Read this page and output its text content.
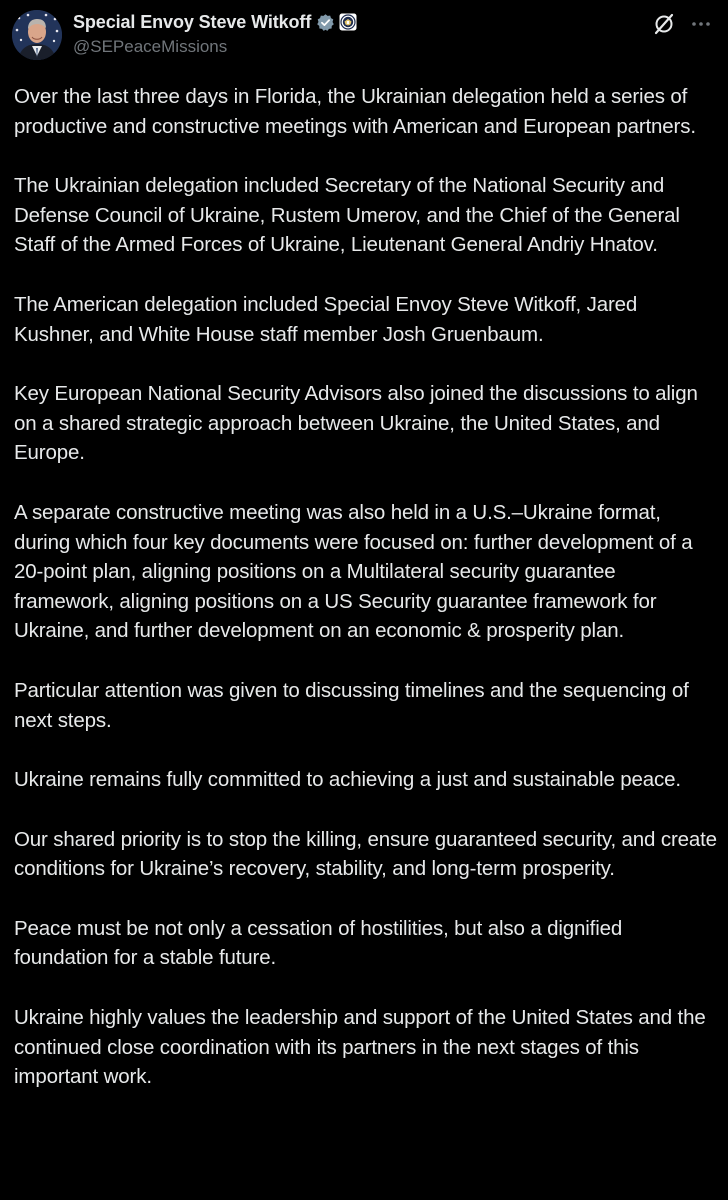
Special Envoy Steve Witkoff
@SEPeaceMissions

Over the last three days in Florida, the Ukrainian delegation held a series of productive and constructive meetings with American and European partners.

The Ukrainian delegation included Secretary of the National Security and Defense Council of Ukraine, Rustem Umerov, and the Chief of the General Staff of the Armed Forces of Ukraine, Lieutenant General Andriy Hnatov.

The American delegation included Special Envoy Steve Witkoff, Jared Kushner, and White House staff member Josh Gruenbaum.

Key European National Security Advisors also joined the discussions to align on a shared strategic approach between Ukraine, the United States, and Europe.

A separate constructive meeting was also held in a U.S.–Ukraine format, during which four key documents were focused on: further development of a 20-point plan, aligning positions on a Multilateral security guarantee framework, aligning positions on a US Security guarantee framework for Ukraine, and further development on an economic & prosperity plan.

Particular attention was given to discussing timelines and the sequencing of next steps.

Ukraine remains fully committed to achieving a just and sustainable peace.

Our shared priority is to stop the killing, ensure guaranteed security, and create conditions for Ukraine’s recovery, stability, and long-term prosperity.

Peace must be not only a cessation of hostilities, but also a dignified foundation for a stable future.

Ukraine highly values the leadership and support of the United States and the continued close coordination with its partners in the next stages of this important work.
